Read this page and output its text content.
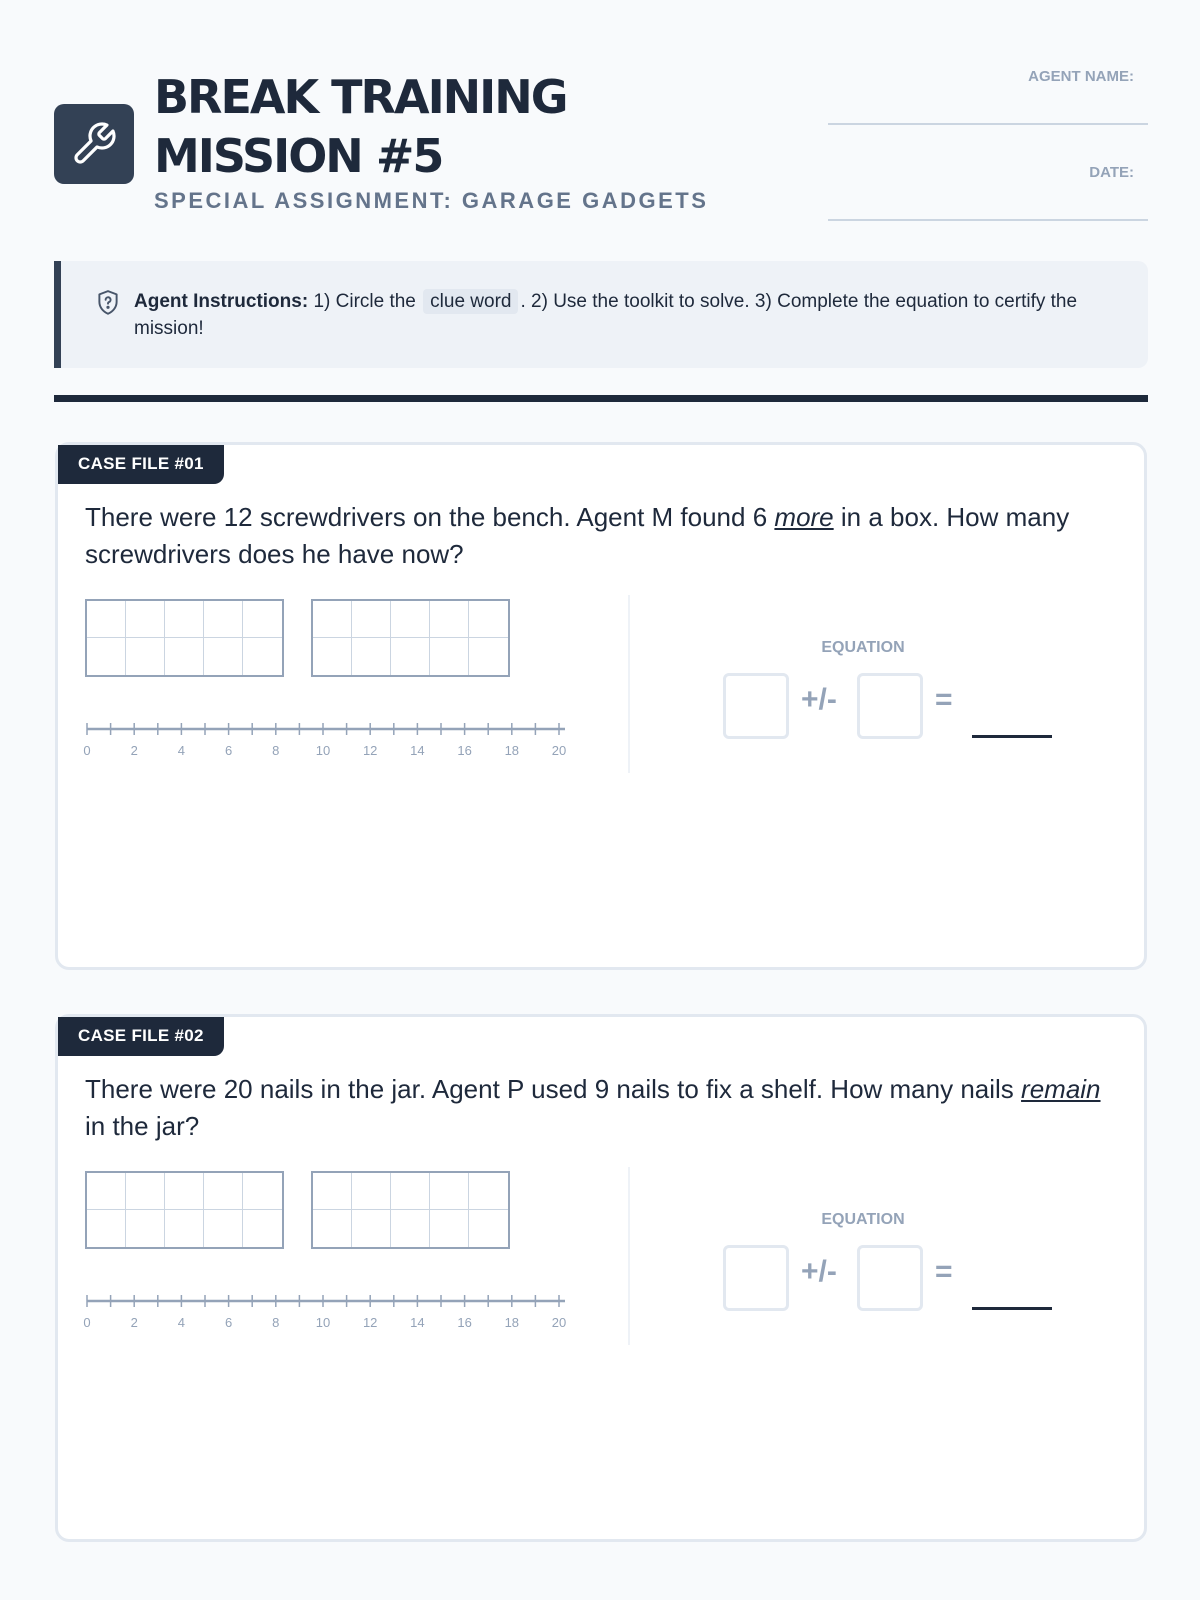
BREAK TRAINING
MISSION #5
SPECIAL ASSIGNMENT: GARAGE GADGETS
AGENT NAME:
DATE:
Agent Instructions: 1) Circle the clue word . 2) Use the toolkit to solve. 3) Complete the equation to certify the mission!
CASE FILE #01
There were 12 screwdrivers on the bench. Agent M found 6 more in a box. How many screwdrivers does he have now?
0	2	4	6	8	10	12	14	16	18	20
EQUATION
+/-	=
CASE FILE #02
There were 20 nails in the jar. Agent P used 9 nails to fix a shelf. How many nails remain in the jar?
0	2	4	6	8	10	12	14	16	18	20
EQUATION
+/-	=
